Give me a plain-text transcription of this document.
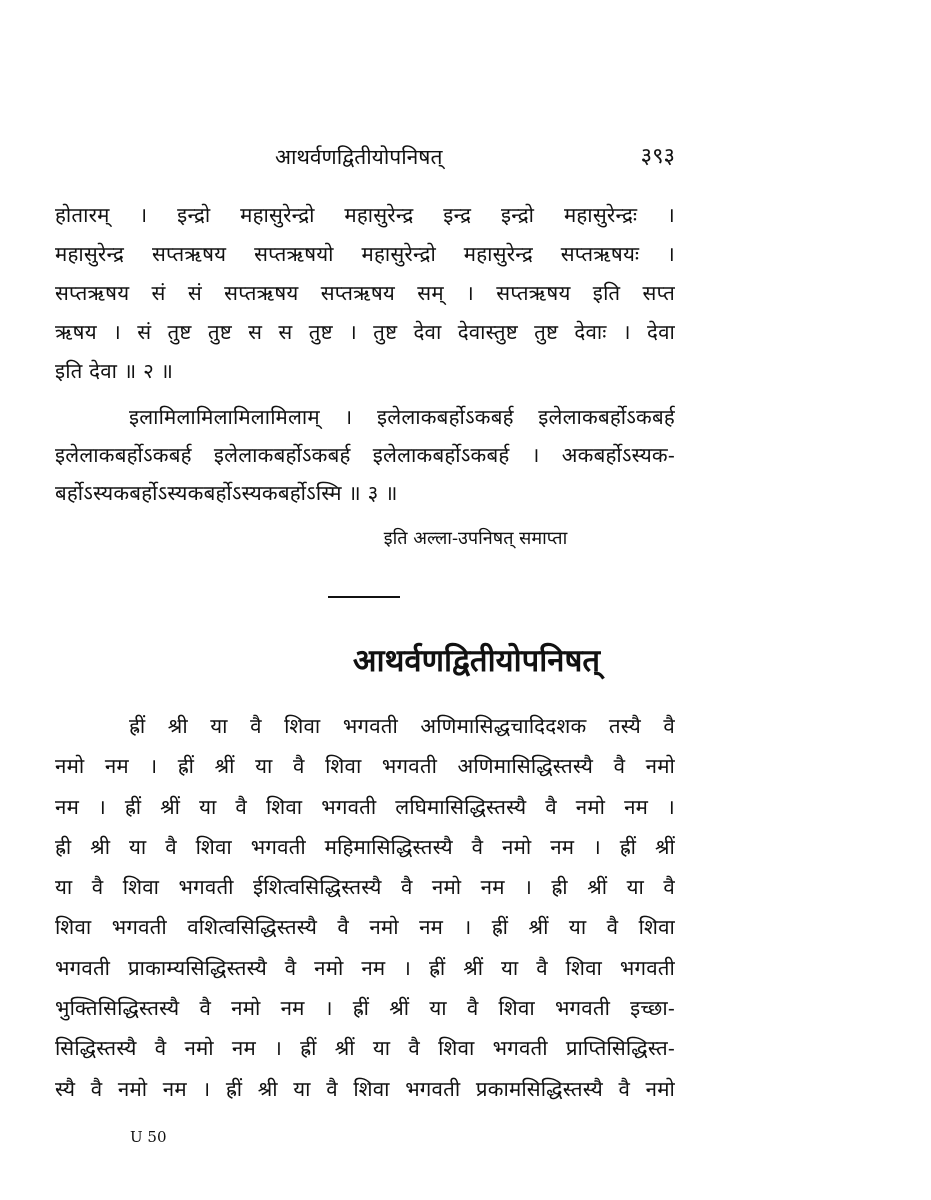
आथर्वणद्वितीयोपनिषत्	३९३
होतारम् । इन्द्रो महासुरेन्द्रो महासुरेन्द्र इन्द्र इन्द्रो महासुरेन्द्रः ।
महासुरेन्द्र सप्तऋषय सप्तऋषयो महासुरेन्द्रो महासुरेन्द्र सप्तऋषयः ।
सप्तऋषय सं सं सप्तऋषय सप्तऋषय सम् । सप्तऋषय इति सप्त
ऋषय । सं तुष्ट तुष्ट स स तुष्ट । तुष्ट देवा देवास्तुष्ट तुष्ट देवाः । देवा
इति देवा ॥ २ ॥
इलामिलामिलामिलामिलाम् । इलेलाकबर्होऽकबर्ह इलेलाकबर्होऽकबर्ह
इलेलाकबर्होऽकबर्ह इलेलाकबर्होऽकबर्ह इलेलाकबर्होऽकबर्ह । अकबर्होऽस्यक-
बर्होऽस्यकबर्होऽस्यकबर्होऽस्यकबर्होऽस्मि ॥ ३ ॥
इति अल्ला-उपनिषत् समाप्ता
आथर्वणद्वितीयोपनिषत्
ह्रीं श्री या वै शिवा भगवती अणिमासिद्धचादिदशक तस्यै वै
नमो नम । ह्रीं श्रीं या वै शिवा भगवती अणिमासिद्धिस्तस्यै वै नमो
नम । ह्रीं श्रीं या वै शिवा भगवती लघिमासिद्धिस्तस्यै वै नमो नम ।
ह्री श्री या वै शिवा भगवती महिमासिद्धिस्तस्यै वै नमो नम । ह्रीं श्रीं
या वै शिवा भगवती ईशित्वसिद्धिस्तस्यै वै नमो नम । ह्री श्रीं या वै
शिवा भगवती वशित्वसिद्धिस्तस्यै वै नमो नम । ह्रीं श्रीं या वै शिवा
भगवती प्राकाम्यसिद्धिस्तस्यै वै नमो नम । ह्रीं श्रीं या वै शिवा भगवती
भुक्तिसिद्धिस्तस्यै वै नमो नम । ह्रीं श्रीं या वै शिवा भगवती इच्छा-
सिद्धिस्तस्यै वै नमो नम । ह्रीं श्रीं या वै शिवा भगवती प्राप्तिसिद्धिस्त-
स्यै वै नमो नम । ह्रीं श्री या वै शिवा भगवती प्रकामसिद्धिस्तस्यै वै नमो
U 50
